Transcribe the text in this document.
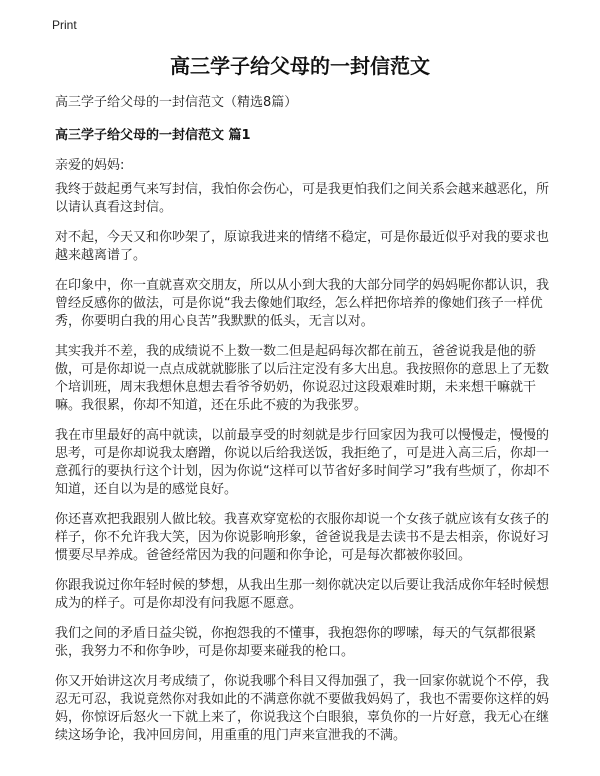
Print
高三学子给父母的一封信范文
高三学子给父母的一封信范文（精选8篇）
高三学子给父母的一封信范文 篇1
亲爱的妈妈:

我终于鼓起勇气来写封信，我怕你会伤心，可是我更怕我们之间关系会越来越恶化，所以请认真看这封信。

对不起，今天又和你吵架了，原谅我进来的情绪不稳定，可是你最近似乎对我的要求也越来越离谱了。

在印象中，你一直就喜欢交朋友，所以从小到大我的大部分同学的妈妈呢你都认识，我曾经反感你的做法，可是你说“我去像她们取经，怎么样把你培养的像她们孩子一样优秀，你要明白我的用心良苦”我默默的低头，无言以对。

其实我并不差，我的成绩说不上数一数二但是起码每次都在前五，爸爸说我是他的骄傲，可是你却说一点点成就就膨胀了以后注定没有多大出息。我按照你的意思上了无数个培训班，周末我想休息想去看爷爷奶奶，你说忍过这段艰难时期，未来想干嘛就干嘛。我很累，你却不知道，还在乐此不疲的为我张罗。

我在市里最好的高中就读，以前最享受的时刻就是步行回家因为我可以慢慢走，慢慢的思考，可是你却说我太磨蹭，你说以后给我送饭，我拒绝了，可是进入高三后，你却一意孤行的要执行这个计划，因为你说“这样可以节省好多时间学习”我有些烦了，你却不知道，还自以为是的感觉良好。

你还喜欢把我跟别人做比较。我喜欢穿宽松的衣服你却说一个女孩子就应该有女孩子的样子，你不允许我大笑，因为你说影响形象，爸爸说我是去读书不是去相亲，你说好习惯要尽早养成。爸爸经常因为我的问题和你争论，可是每次都被你驳回。

你跟我说过你年轻时候的梦想，从我出生那一刻你就决定以后要让我活成你年轻时候想成为的样子。可是你却没有问我愿不愿意。

我们之间的矛盾日益尖锐，你抱怨我的不懂事，我抱怨你的啰嗦，每天的气氛都很紧张，我努力不和你争吵，可是你却要来碰我的枪口。

你又开始讲这次月考成绩了，你说我哪个科目又得加强了，我一回家你就说个不停，我忍无可忍，我说竟然你对我如此的不满意你就不要做我妈妈了，我也不需要你这样的妈妈，你惊讶后怒火一下就上来了，你说我这个白眼狼，辜负你的一片好意，我无心在继续这场争论，我冲回房间，用重重的甩门声来宣泄我的不满。
